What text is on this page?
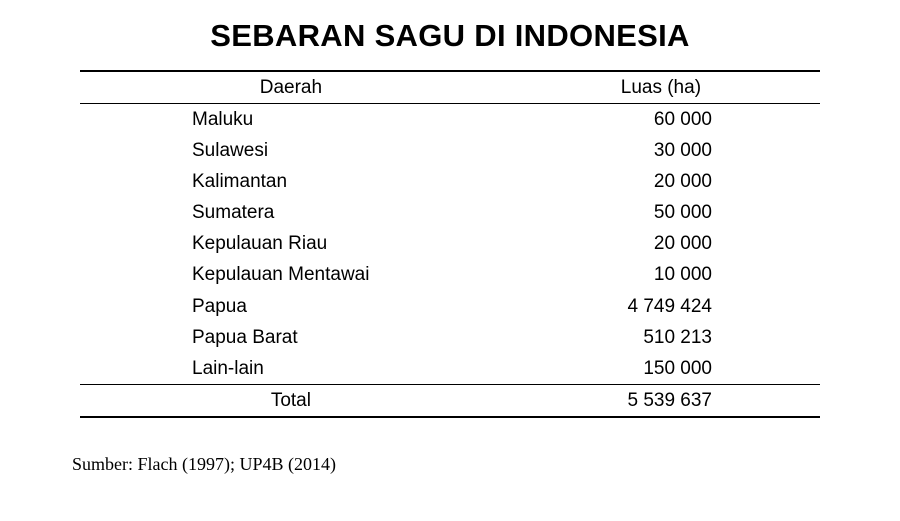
SEBARAN SAGU DI INDONESIA
Daerah	Luas (ha)
Maluku	60 000
Sulawesi	30 000
Kalimantan	20 000
Sumatera	50 000
Kepulauan Riau	20 000
Kepulauan Mentawai	10 000
Papua	4 749 424
Papua Barat	510 213
Lain-lain	150 000
Total	5 539 637

Sumber: Flach (1997); UP4B (2014)
